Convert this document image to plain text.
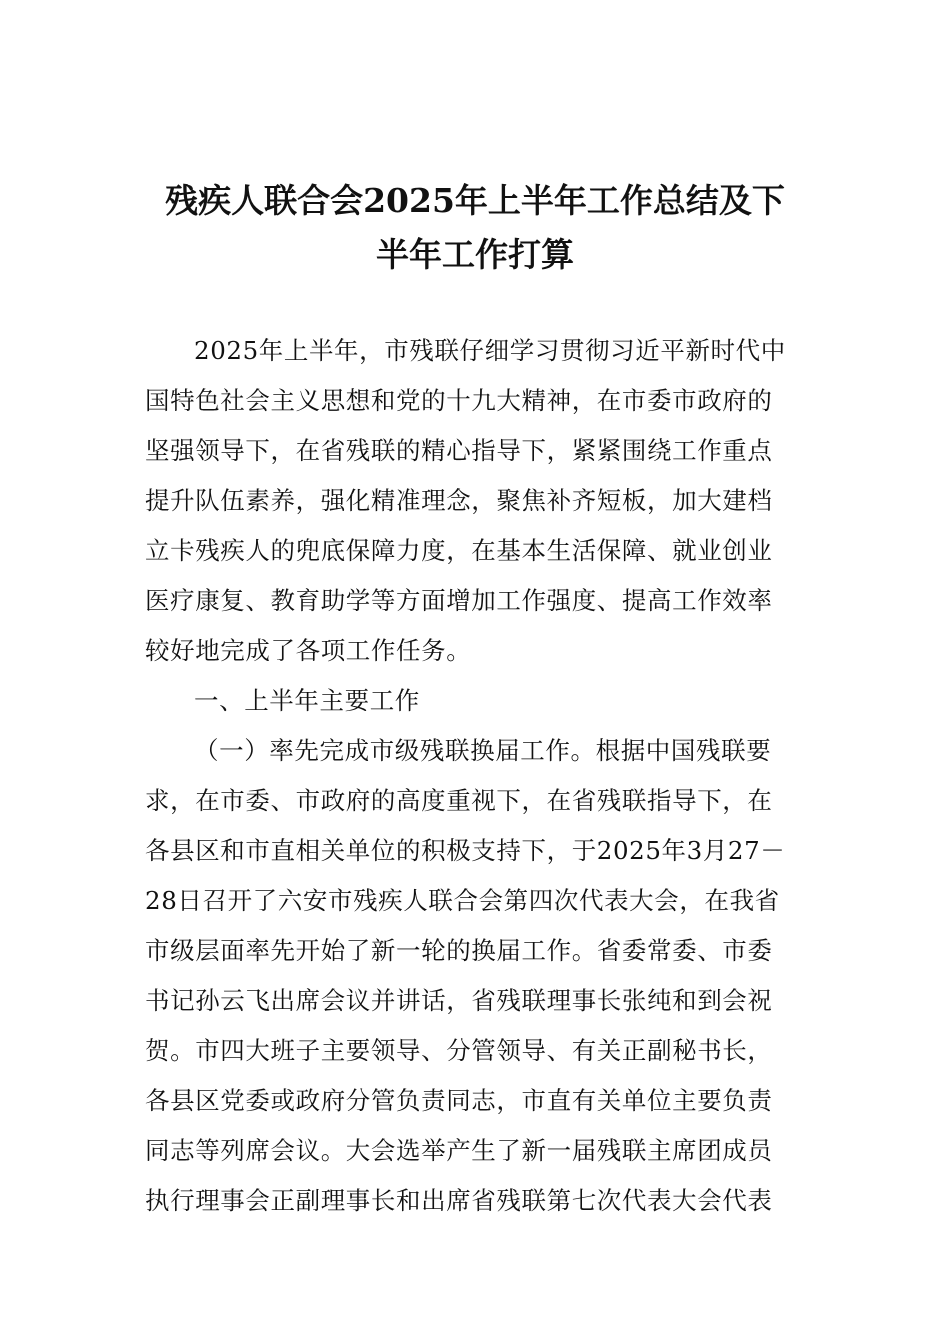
残疾人联合会2025年上半年工作总结及下
半年工作打算

2025年上半年，市残联仔细学习贯彻习近平新时代中

国特色社会主义思想和党的十九大精神，在市委市政府的

坚强领导下，在省残联的精心指导下，紧紧围绕工作重点

提升队伍素养，强化精准理念，聚焦补齐短板，加大建档

立卡残疾人的兜底保障力度，在基本生活保障、就业创业

医疗康复、教育助学等方面增加工作强度、提高工作效率

较好地完成了各项工作任务。

一、上半年主要工作

（一）率先完成市级残联换届工作。根据中国残联要

求，在市委、市政府的高度重视下，在省残联指导下，在

各县区和市直相关单位的积极支持下，于2025年3月27－

28日召开了六安市残疾人联合会第四次代表大会，在我省

市级层面率先开始了新一轮的换届工作。省委常委、市委

书记孙云飞出席会议并讲话，省残联理事长张纯和到会祝

贺。市四大班子主要领导、分管领导、有关正副秘书长，

各县区党委或政府分管负责同志，市直有关单位主要负责

同志等列席会议。大会选举产生了新一届残联主席团成员

执行理事会正副理事长和出席省残联第七次代表大会代表
